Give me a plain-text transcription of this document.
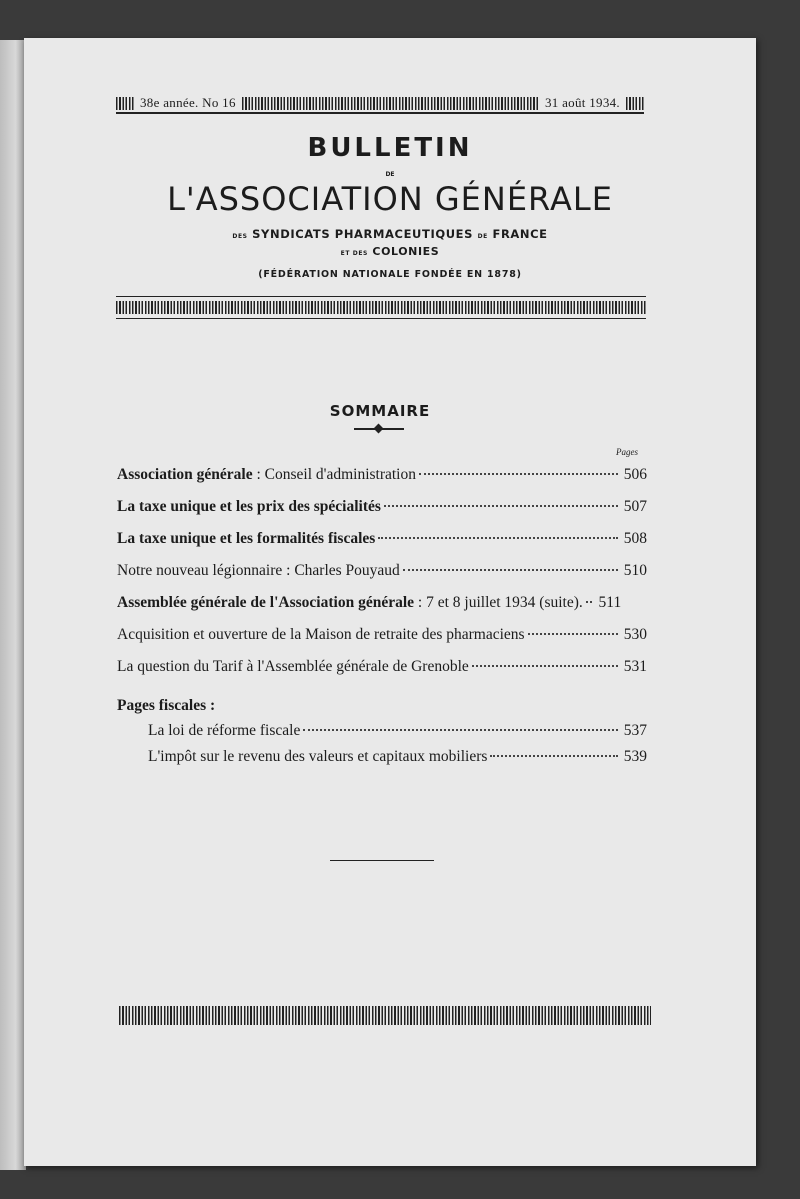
38e année. No 16	31 août 1934.
BULLETIN
DE
L'ASSOCIATION GÉNÉRALE
DES SYNDICATS PHARMACEUTIQUES DE FRANCE
ET DES COLONIES
(FÉDÉRATION NATIONALE FONDÉE EN 1878)
SOMMAIRE
Pages
Association générale : Conseil d'administration	506
La taxe unique et les prix des spécialités	507
La taxe unique et les formalités fiscales	508
Notre nouveau légionnaire : Charles Pouyaud	510
Assemblée générale de l'Association générale : 7 et 8 juillet 1934 (suite). 511
Acquisition et ouverture de la Maison de retraite des pharmaciens	530
La question du Tarif à l'Assemblée générale de Grenoble	531
Pages fiscales :
La loi de réforme fiscale	537
L'impôt sur le revenu des valeurs et capitaux mobiliers	539
